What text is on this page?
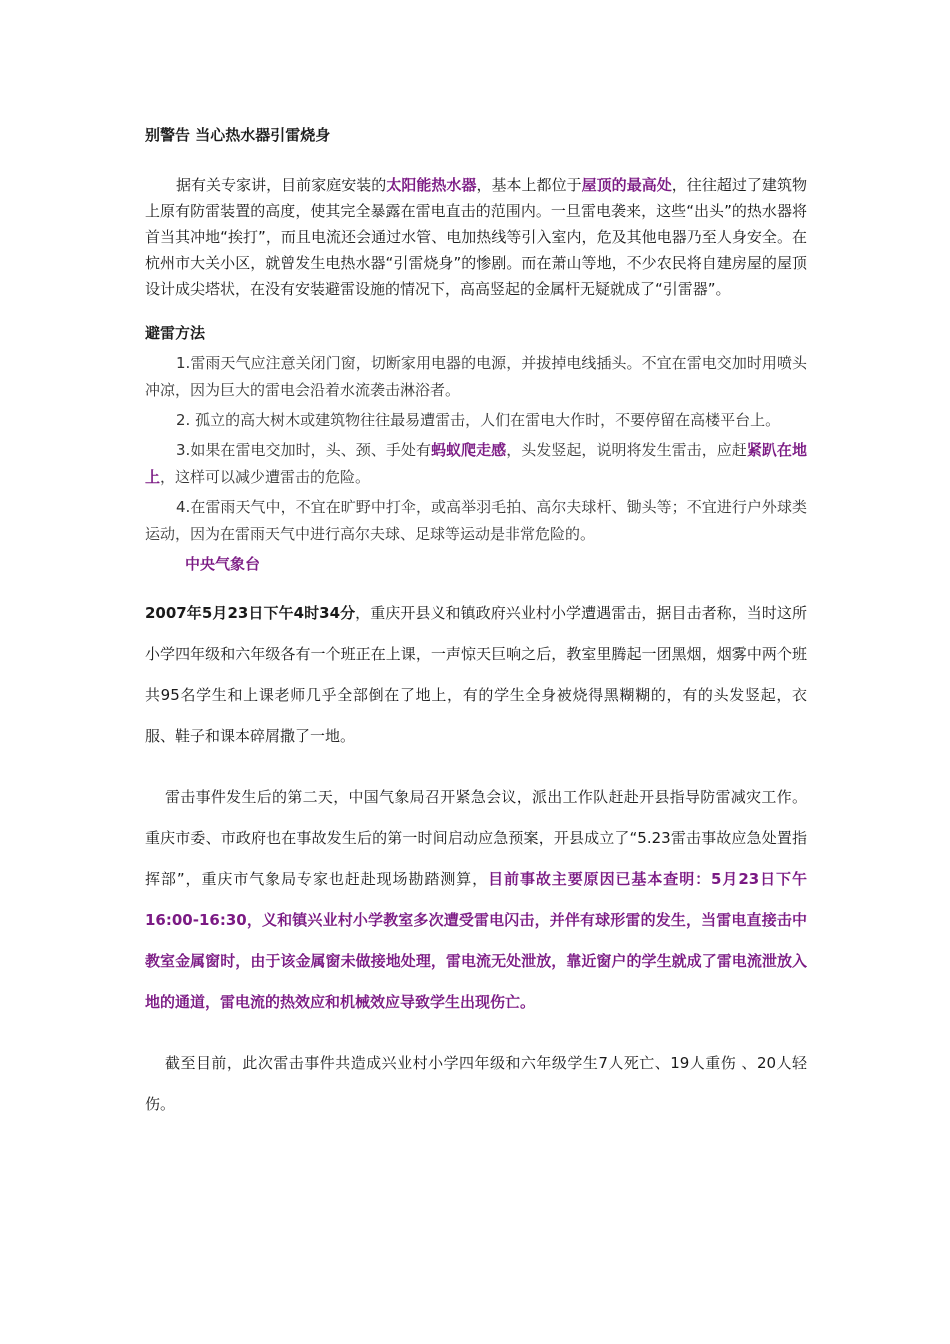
别警告 当心热水器引雷烧身

据有关专家讲，目前家庭安装的太阳能热水器，基本上都位于屋顶的最高处，往往超过了建筑物上原有防雷装置的高度，使其完全暴露在雷电直击的范围内。一旦雷电袭来，这些“出头”的热水器将首当其冲地“挨打”，而且电流还会通过水管、电加热线等引入室内，危及其他电器乃至人身安全。在杭州市大关小区，就曾发生电热水器“引雷烧身”的惨剧。而在萧山等地，不少农民将自建房屋的屋顶设计成尖塔状，在没有安装避雷设施的情况下，高高竖起的金属杆无疑就成了“引雷器”。

避雷方法

1.雷雨天气应注意关闭门窗，切断家用电器的电源，并拔掉电线插头。不宜在雷电交加时用喷头冲凉，因为巨大的雷电会沿着水流袭击淋浴者。

2. 孤立的高大树木或建筑物往往最易遭雷击，人们在雷电大作时，不要停留在高楼平台上。

3.如果在雷电交加时，头、颈、手处有蚂蚁爬走感，头发竖起，说明将发生雷击，应赶紧趴在地上，这样可以减少遭雷击的危险。

4.在雷雨天气中，不宜在旷野中打伞，或高举羽毛拍、高尔夫球杆、锄头等；不宜进行户外球类运动，因为在雷雨天气中进行高尔夫球、足球等运动是非常危险的。

中央气象台

2007年5月23日下午4时34分，重庆开县义和镇政府兴业村小学遭遇雷击，据目击者称，当时这所小学四年级和六年级各有一个班正在上课，一声惊天巨响之后，教室里腾起一团黑烟，烟雾中两个班共95名学生和上课老师几乎全部倒在了地上，有的学生全身被烧得黑糊糊的，有的头发竖起，衣服、鞋子和课本碎屑撒了一地。

雷击事件发生后的第二天，中国气象局召开紧急会议，派出工作队赶赴开县指导防雷减灾工作。重庆市委、市政府也在事故发生后的第一时间启动应急预案，开县成立了“5.23雷击事故应急处置指挥部”，重庆市气象局专家也赶赴现场勘踏测算，目前事故主要原因已基本查明：5月23日下午16:00-16:30，义和镇兴业村小学教室多次遭受雷电闪击，并伴有球形雷的发生，当雷电直接击中教室金属窗时，由于该金属窗未做接地处理，雷电流无处泄放，靠近窗户的学生就成了雷电流泄放入地的通道，雷电流的热效应和机械效应导致学生出现伤亡。

截至目前，此次雷击事件共造成兴业村小学四年级和六年级学生7人死亡、19人重伤 、20人轻伤。
